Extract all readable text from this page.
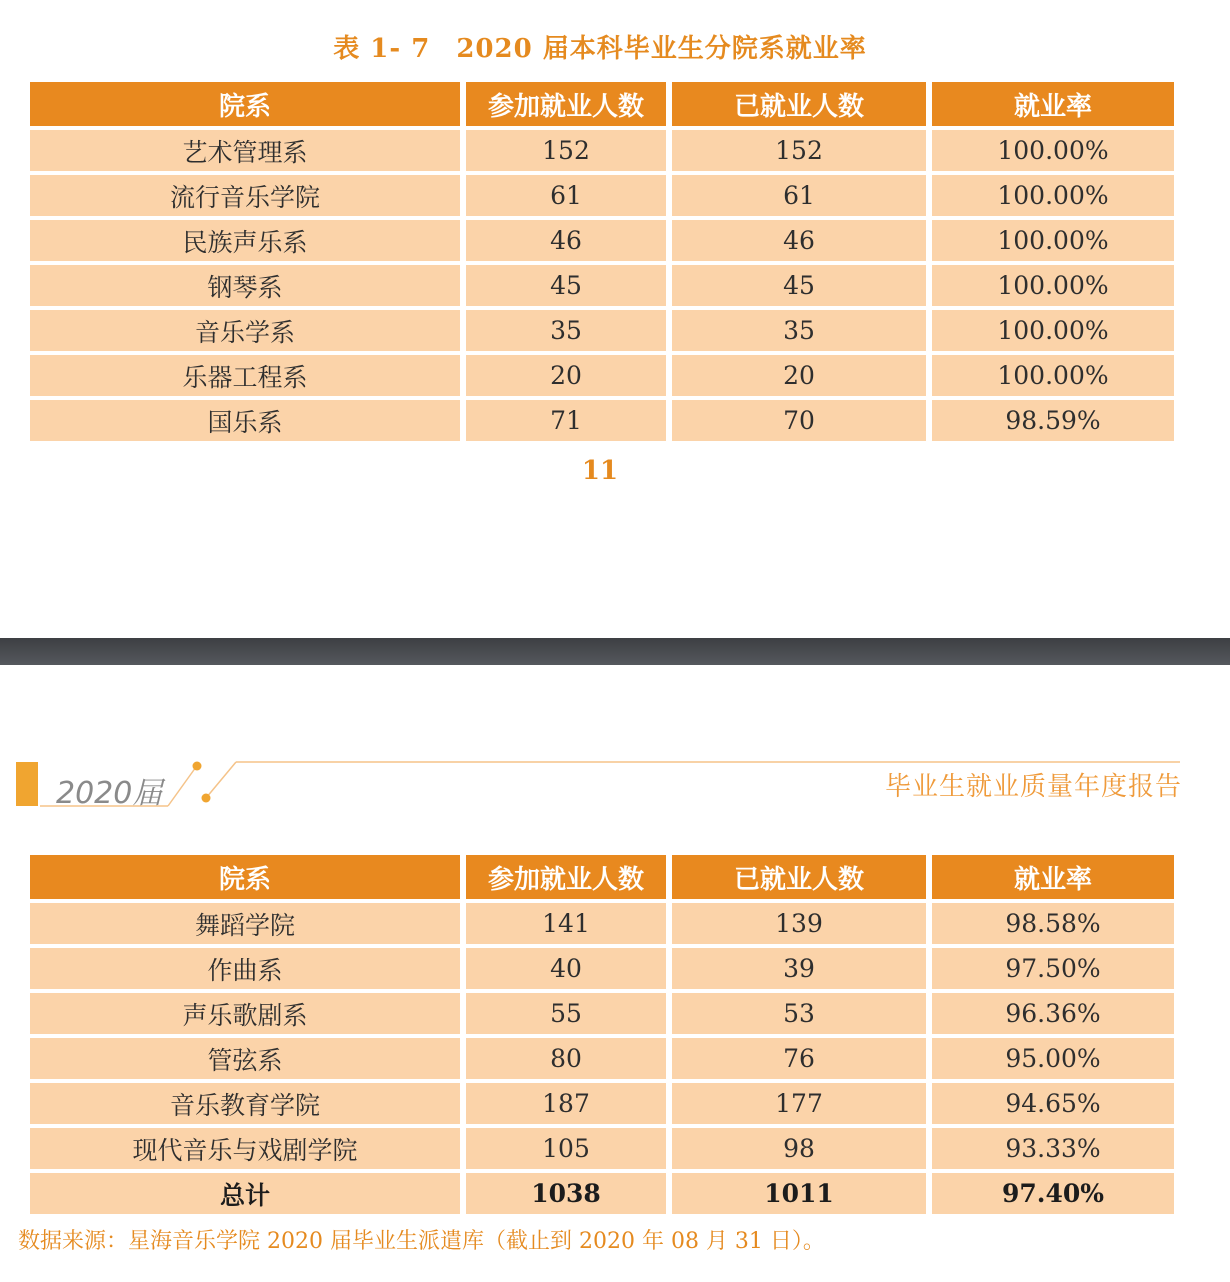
表 1- 7 2020 届本科毕业生分院系就业率
院系	参加就业人数	已就业人数	就业率
艺术管理系	152	152	100.00%
流行音乐学院	61	61	100.00%
民族声乐系	46	46	100.00%
钢琴系	45	45	100.00%
音乐学系	35	35	100.00%
乐器工程系	20	20	100.00%
国乐系	71	70	98.59%
11
2020届	毕业生就业质量年度报告
院系	参加就业人数	已就业人数	就业率
舞蹈学院	141	139	98.58%
作曲系	40	39	97.50%
声乐歌剧系	55	53	96.36%
管弦系	80	76	95.00%
音乐教育学院	187	177	94.65%
现代音乐与戏剧学院	105	98	93.33%
总计	1038	1011	97.40%
数据来源：星海音乐学院 2020 届毕业生派遣库（截止到 2020 年 08 月 31 日）。
